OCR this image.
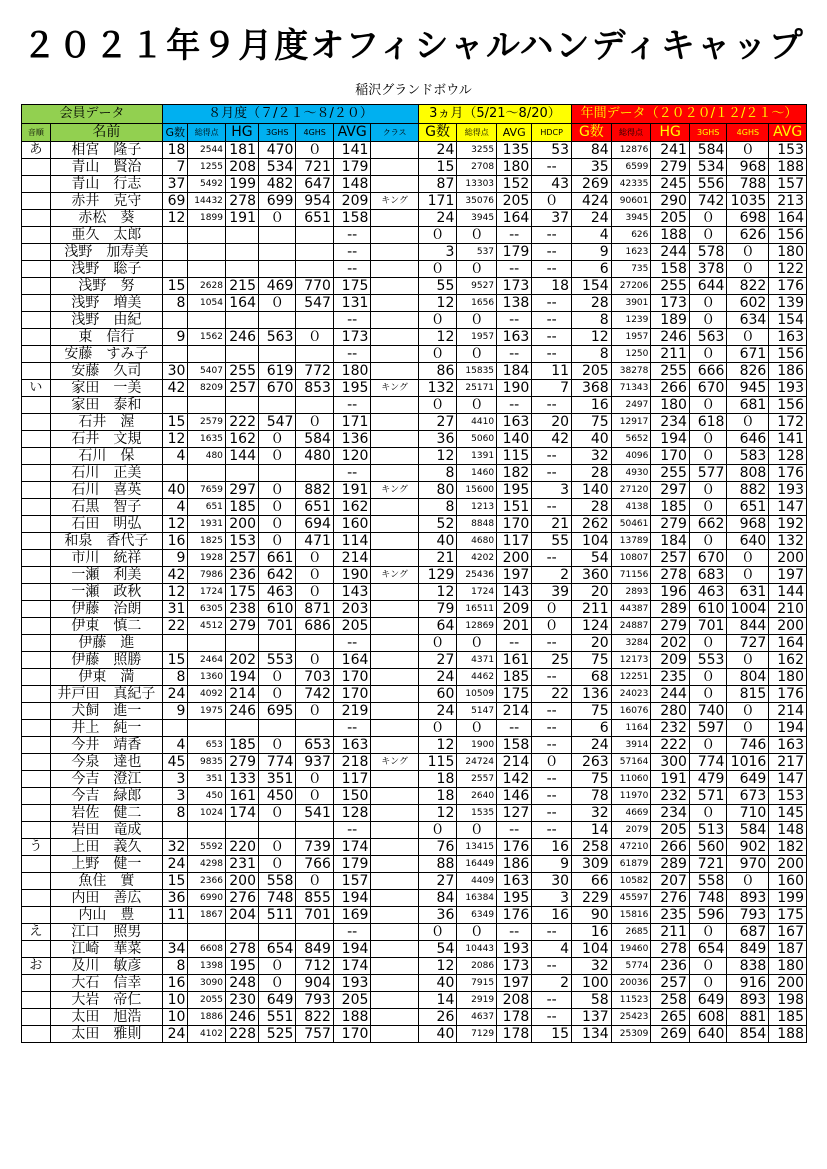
２０２１年９月度オフィシャルハンディキャップ
稲沢グランドボウル
会員データ		８月度（７/２１～８/２０）							3ヵ月（5/21～8/20）				年間データ（２０２０/１２/２１～）					
音順	名前	G数	総得点	HG	3GHS	4GHS	AVG	クラス	G数	総得点	AVG	HDCP	G数	総得点	HG	3GHS	4GHS	AVG
あ	相宮　隆子	18	2544	181	470	０	141		24	3255	135	53	84	12876	241	584	０	153
	青山　賢治	7	1255	208	534	721	179		15	2708	180	--	35	6599	279	534	968	188
	青山　行志	37	5492	199	482	647	148		87	13303	152	43	269	42335	245	556	788	157
	赤井　克守	69	14432	278	699	954	209	キング	171	35076	205	０	424	90601	290	742	1035	213
	赤松　葵	12	1899	191	０	651	158		24	3945	164	37	24	3945	205	０	698	164
	亜久　太郎						--		０	０	--	--	4	626	188	０	626	156
	浅野　加寿美						--		3	537	179	--	9	1623	244	578	０	180
	浅野　聡子						--		０	０	--	--	6	735	158	378	０	122
	浅野　努	15	2628	215	469	770	175		55	9527	173	18	154	27206	255	644	822	176
	浅野　増美	8	1054	164	０	547	131		12	1656	138	--	28	3901	173	０	602	139
	浅野　由紀						--		０	０	--	--	8	1239	189	０	634	154
	東　信行	9	1562	246	563	０	173		12	1957	163	--	12	1957	246	563	０	163
	安藤　すみ子						--		０	０	--	--	8	1250	211	０	671	156
	安藤　久司	30	5407	255	619	772	180		86	15835	184	11	205	38278	255	666	826	186
い	家田　一美	42	8209	257	670	853	195	キング	132	25171	190	7	368	71343	266	670	945	193
	家田　泰和						--		０	０	--	--	16	2497	180	０	681	156
	石井　渥	15	2579	222	547	０	171		27	4410	163	20	75	12917	234	618	０	172
	石井　文規	12	1635	162	０	584	136		36	5060	140	42	40	5652	194	０	646	141
	石川　保	4	480	144	０	480	120		12	1391	115	--	32	4096	170	０	583	128
	石川　正美						--		8	1460	182	--	28	4930	255	577	808	176
	石川　喜英	40	7659	297	０	882	191	キング	80	15600	195	3	140	27120	297	０	882	193
	石黒　智子	4	651	185	０	651	162		8	1213	151	--	28	4138	185	０	651	147
	石田　明弘	12	1931	200	０	694	160		52	8848	170	21	262	50461	279	662	968	192
	和泉　香代子	16	1825	153	０	471	114		40	4680	117	55	104	13789	184	０	640	132
	市川　統祥	9	1928	257	661	０	214		21	4202	200	--	54	10807	257	670	０	200
	一瀬　利美	42	7986	236	642	０	190	キング	129	25436	197	2	360	71156	278	683	０	197
	一瀬　政秋	12	1724	175	463	０	143		12	1724	143	39	20	2893	196	463	631	144
	伊藤　治朗	31	6305	238	610	871	203		79	16511	209	０	211	44387	289	610	1004	210
	伊東　慎二	22	4512	279	701	686	205		64	12869	201	０	124	24887	279	701	844	200
	伊藤　進						--		０	０	--	--	20	3284	202	０	727	164
	伊藤　照勝	15	2464	202	553	０	164		27	4371	161	25	75	12173	209	553	０	162
	伊東　満	8	1360	194	０	703	170		24	4462	185	--	68	12251	235	０	804	180
	井戸田　真紀子	24	4092	214	０	742	170		60	10509	175	22	136	24023	244	０	815	176
	犬飼　進一	9	1975	246	695	０	219		24	5147	214	--	75	16076	280	740	０	214
	井上　純一						--		０	０	--	--	6	1164	232	597	０	194
	今井　靖香	4	653	185	０	653	163		12	1900	158	--	24	3914	222	０	746	163
	今泉　達也	45	9835	279	774	937	218	キング	115	24724	214	０	263	57164	300	774	1016	217
	今吉　澄江	3	351	133	351	０	117		18	2557	142	--	75	11060	191	479	649	147
	今吉　緑郎	3	450	161	450	０	150		18	2640	146	--	78	11970	232	571	673	153
	岩佐　健二	8	1024	174	０	541	128		12	1535	127	--	32	4669	234	０	710	145
	岩田　竜成						--		０	０	--	--	14	2079	205	513	584	148
う	上田　義久	32	5592	220	０	739	174		76	13415	176	16	258	47210	266	560	902	182
	上野　健一	24	4298	231	０	766	179		88	16449	186	9	309	61879	289	721	970	200
	魚住　實	15	2366	200	558	０	157		27	4409	163	30	66	10582	207	558	０	160
	内田　善広	36	6990	276	748	855	194		84	16384	195	3	229	45597	276	748	893	199
	内山　豊	11	1867	204	511	701	169		36	6349	176	16	90	15816	235	596	793	175
え	江口　照男						--		０	０	--	--	16	2685	211	０	687	167
	江崎　華菜	34	6608	278	654	849	194		54	10443	193	4	104	19460	278	654	849	187
お	及川　敏彦	8	1398	195	０	712	174		12	2086	173	--	32	5774	236	０	838	180
	大石　信幸	16	3090	248	０	904	193		40	7915	197	2	100	20036	257	０	916	200
	大岩　帝仁	10	2055	230	649	793	205		14	2919	208	--	58	11523	258	649	893	198
	太田　旭浩	10	1886	246	551	822	188		26	4637	178	--	137	25423	265	608	881	185
	太田　雅則	24	4102	228	525	757	170		40	7129	178	15	134	25309	269	640	854	188
